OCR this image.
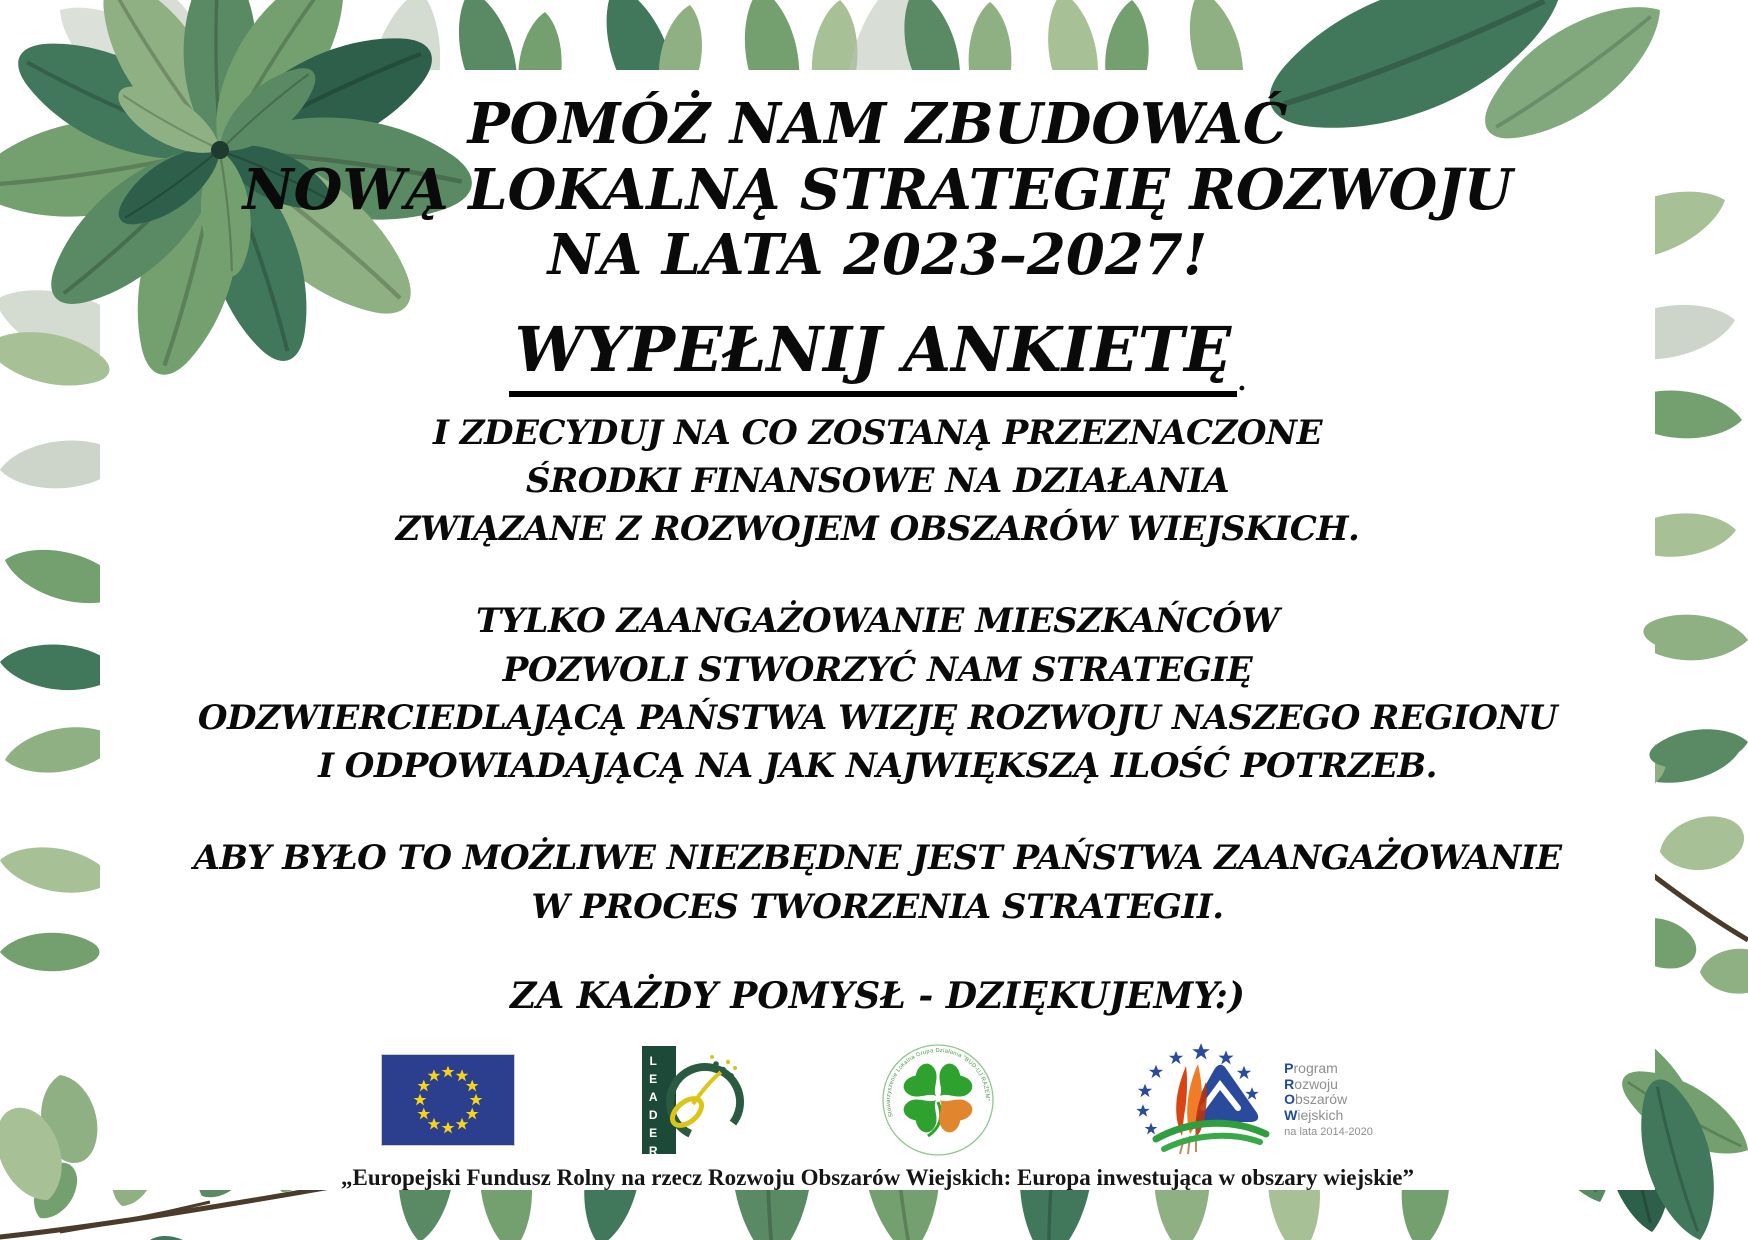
POMÓŻ NAM ZBUDOWAĆ
NOWĄ LOKALNĄ STRATEGIĘ ROZWOJU
NA LATA 2023–2027!
WYPEŁNIJ ANKIETĘ .
I ZDECYDUJ NA CO ZOSTANĄ PRZEZNACZONE
ŚRODKI FINANSOWE NA DZIAŁANIA
ZWIĄZANE Z ROZWOJEM OBSZARÓW WIEJSKICH.
TYLKO ZAANGAŻOWANIE MIESZKAŃCÓW
POZWOLI STWORZYĆ NAM STRATEGIĘ
ODZWIERCIEDLAJĄCĄ PAŃSTWA WIZJĘ ROZWOJU NASZEGO REGIONU
I ODPOWIADAJĄCĄ NA JAK NAJWIĘKSZĄ ILOŚĆ POTRZEB.
ABY BYŁO TO MOŻLIWE NIEZBĘDNE JEST PAŃSTWA ZAANGAŻOWANIE
W PROCES TWORZENIA STRATEGII.
ZA KAŻDY POMYSŁ - DZIĘKUJEMY:)
LEADER	Stowarzyszenie Lokalna Grupa Działania "BUD-UJ RAZEM"
Program
Rozwoju
Obszarów
Wiejskich
na lata 2014-2020
„Europejski Fundusz Rolny na rzecz Rozwoju Obszarów Wiejskich: Europa inwestująca w obszary wiejskie”
